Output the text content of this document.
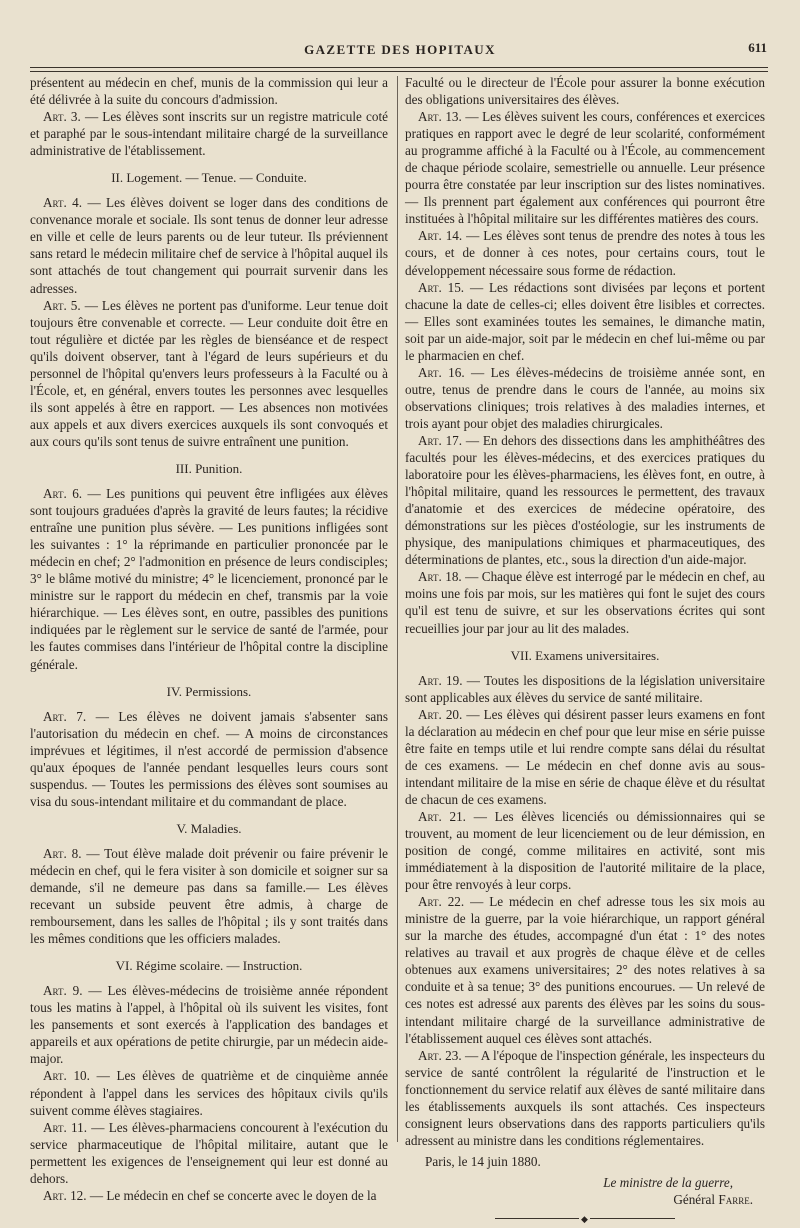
GAZETTE DES HOPITAUX	611

présentent au médecin en chef, munis de la commission qui leur a été délivrée à la suite du concours d'admission.

Art. 3. — Les élèves sont inscrits sur un registre matricule coté et paraphé par le sous-intendant militaire chargé de la surveillance administrative de l'établissement.

II. Logement. — Tenue. — Conduite.

Art. 4. — Les élèves doivent se loger dans des conditions de convenance morale et sociale. Ils sont tenus de donner leur adresse en ville et celle de leurs parents ou de leur tuteur. Ils préviennent sans retard le médecin militaire chef de service à l'hôpital auquel ils sont attachés de tout changement qui pourrait survenir dans les adresses.

Art. 5. — Les élèves ne portent pas d'uniforme. Leur tenue doit toujours être convenable et correcte. — Leur conduite doit être en tout régulière et dictée par les règles de bienséance et de respect qu'ils doivent observer, tant à l'égard de leurs supérieurs et du personnel de l'hôpital qu'envers leurs professeurs à la Faculté ou à l'École, et, en général, envers toutes les personnes avec lesquelles ils sont appelés à être en rapport. — Les absences non motivées aux appels et aux divers exercices auxquels ils sont convoqués et aux cours qu'ils sont tenus de suivre entraînent une punition.

III. Punition.

Art. 6. — Les punitions qui peuvent être infligées aux élèves sont toujours graduées d'après la gravité de leurs fautes; la récidive entraîne une punition plus sévère. — Les punitions infligées sont les suivantes : 1° la réprimande en particulier prononcée par le médecin en chef; 2° l'admonition en présence de leurs condisciples; 3° le blâme motivé du ministre; 4° le licenciement, prononcé par le ministre sur le rapport du médecin en chef, transmis par la voie hiérarchique. — Les élèves sont, en outre, passibles des punitions indiquées par le règlement sur le service de santé de l'armée, pour les fautes commises dans l'intérieur de l'hôpital contre la discipline générale.

IV. Permissions.

Art. 7. — Les élèves ne doivent jamais s'absenter sans l'autorisation du médecin en chef. — A moins de circonstances imprévues et légitimes, il n'est accordé de permission d'absence qu'aux époques de l'année pendant lesquelles leurs cours sont suspendus. — Toutes les permissions des élèves sont soumises au visa du sous-intendant militaire et du commandant de place.

V. Maladies.

Art. 8. — Tout élève malade doit prévenir ou faire prévenir le médecin en chef, qui le fera visiter à son domicile et soigner sur sa demande, s'il ne demeure pas dans sa famille.— Les élèves recevant un subside peuvent être admis, à charge de remboursement, dans les salles de l'hôpital ; ils y sont traités dans les mêmes conditions que les officiers malades.

VI. Régime scolaire. — Instruction.

Art. 9. — Les élèves-médecins de troisième année répondent tous les matins à l'appel, à l'hôpital où ils suivent les visites, font les pansements et sont exercés à l'application des bandages et appareils et aux opérations de petite chirurgie, par un médecin aide-major.

Art. 10. — Les élèves de quatrième et de cinquième année répondent à l'appel dans les services des hôpitaux civils qu'ils suivent comme élèves stagiaires.

Art. 11. — Les élèves-pharmaciens concourent à l'exécution du service pharmaceutique de l'hôpital militaire, autant que le permettent les exigences de l'enseignement qui leur est donné au dehors.

Art. 12. — Le médecin en chef se concerte avec le doyen de la

Faculté ou le directeur de l'École pour assurer la bonne exécution des obligations universitaires des élèves.

Art. 13. — Les élèves suivent les cours, conférences et exercices pratiques en rapport avec le degré de leur scolarité, conformément au programme affiché à la Faculté ou à l'École, au commencement de chaque période scolaire, semestrielle ou annuelle. Leur présence pourra être constatée par leur inscription sur des listes nominatives. — Ils prennent part également aux conférences qui pourront être instituées à l'hôpital militaire sur les différentes matières des cours.

Art. 14. — Les élèves sont tenus de prendre des notes à tous les cours, et de donner à ces notes, pour certains cours, tout le développement nécessaire sous forme de rédaction.

Art. 15. — Les rédactions sont divisées par leçons et portent chacune la date de celles-ci; elles doivent être lisibles et correctes. — Elles sont examinées toutes les semaines, le dimanche matin, soit par un aide-major, soit par le médecin en chef lui-même ou par le pharmacien en chef.

Art. 16. — Les élèves-médecins de troisième année sont, en outre, tenus de prendre dans le cours de l'année, au moins six observations cliniques; trois relatives à des maladies internes, et trois ayant pour objet des maladies chirurgicales.

Art. 17. — En dehors des dissections dans les amphithéâtres des facultés pour les élèves-médecins, et des exercices pratiques du laboratoire pour les élèves-pharmaciens, les élèves font, en outre, à l'hôpital militaire, quand les ressources le permettent, des travaux d'anatomie et des exercices de médecine opératoire, des démonstrations sur les pièces d'ostéologie, sur les instruments de physique, des manipulations chimiques et pharmaceutiques, des déterminations de plantes, etc., sous la direction d'un aide-major.

Art. 18. — Chaque élève est interrogé par le médecin en chef, au moins une fois par mois, sur les matières qui font le sujet des cours qu'il est tenu de suivre, et sur les observations écrites qui sont recueillies jour par jour au lit des malades.

VII. Examens universitaires.

Art. 19. — Toutes les dispositions de la législation universitaire sont applicables aux élèves du service de santé militaire.

Art. 20. — Les élèves qui désirent passer leurs examens en font la déclaration au médecin en chef pour que leur mise en série puisse être faite en temps utile et lui rendre compte sans délai du résultat de ces examens. — Le médecin en chef donne avis au sous-intendant militaire de la mise en série de chaque élève et du résultat de chacun de ces examens.

Art. 21. — Les élèves licenciés ou démissionnaires qui se trouvent, au moment de leur licenciement ou de leur démission, en position de congé, comme militaires en activité, sont mis immédiatement à la disposition de l'autorité militaire de la place, pour être renvoyés à leur corps.

Art. 22. — Le médecin en chef adresse tous les six mois au ministre de la guerre, par la voie hiérarchique, un rapport général sur la marche des études, accompagné d'un état : 1° des notes relatives au travail et aux progrès de chaque élève et de celles obtenues aux examens universitaires; 2° des notes relatives à sa conduite et à sa tenue; 3° des punitions encourues. — Un relevé de ces notes est adressé aux parents des élèves par les soins du sous-intendant militaire chargé de la surveillance administrative de l'établissement auquel ces élèves sont attachés.

Art. 23. — A l'époque de l'inspection générale, les inspecteurs du service de santé contrôlent la régularité de l'instruction et le fonctionnement du service relatif aux élèves de santé militaire dans les établissements auxquels ils sont attachés. Ces inspecteurs consignent leurs observations dans des rapports particuliers qu'ils adressent au ministre dans les conditions réglementaires.

Paris, le 14 juin 1880.

Le ministre de la guerre,
Général Farre.
◆
